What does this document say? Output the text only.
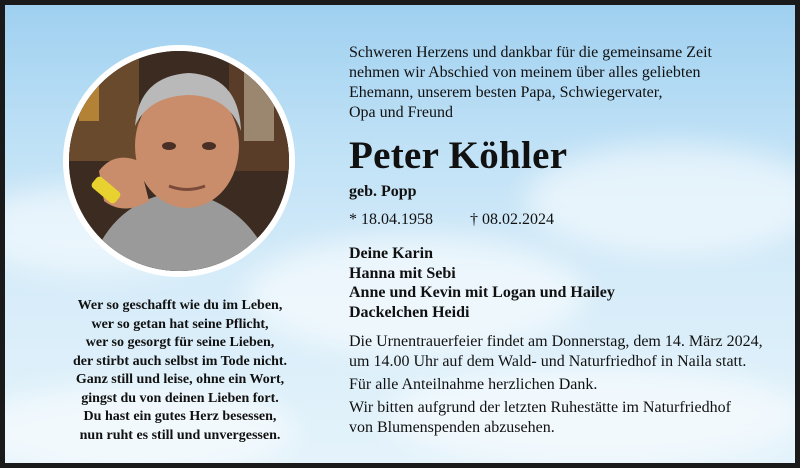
Wer so geschafft wie du im Leben,
wer so getan hat seine Pflicht,
wer so gesorgt für seine Lieben,
der stirbt auch selbst im Tode nicht.
Ganz still und leise, ohne ein Wort,
gingst du von deinen Lieben fort.
Du hast ein gutes Herz besessen,
nun ruht es still und unvergessen.
Schweren Herzens und dankbar für die gemeinsame Zeit
nehmen wir Abschied von meinem über alles geliebten
Ehemann, unserem besten Papa, Schwiegervater,
Opa und Freund
Peter Köhler
geb. Popp
* 18.04.1958 † 08.02.2024
Deine Karin
Hanna mit Sebi
Anne und Kevin mit Logan und Hailey
Dackelchen Heidi
Die Urnentrauerfeier findet am Donnerstag, dem 14. März 2024,
um 14.00 Uhr auf dem Wald- und Naturfriedhof in Naila statt.
Für alle Anteilnahme herzlichen Dank.
Wir bitten aufgrund der letzten Ruhestätte im Naturfriedhof
von Blumenspenden abzusehen.
